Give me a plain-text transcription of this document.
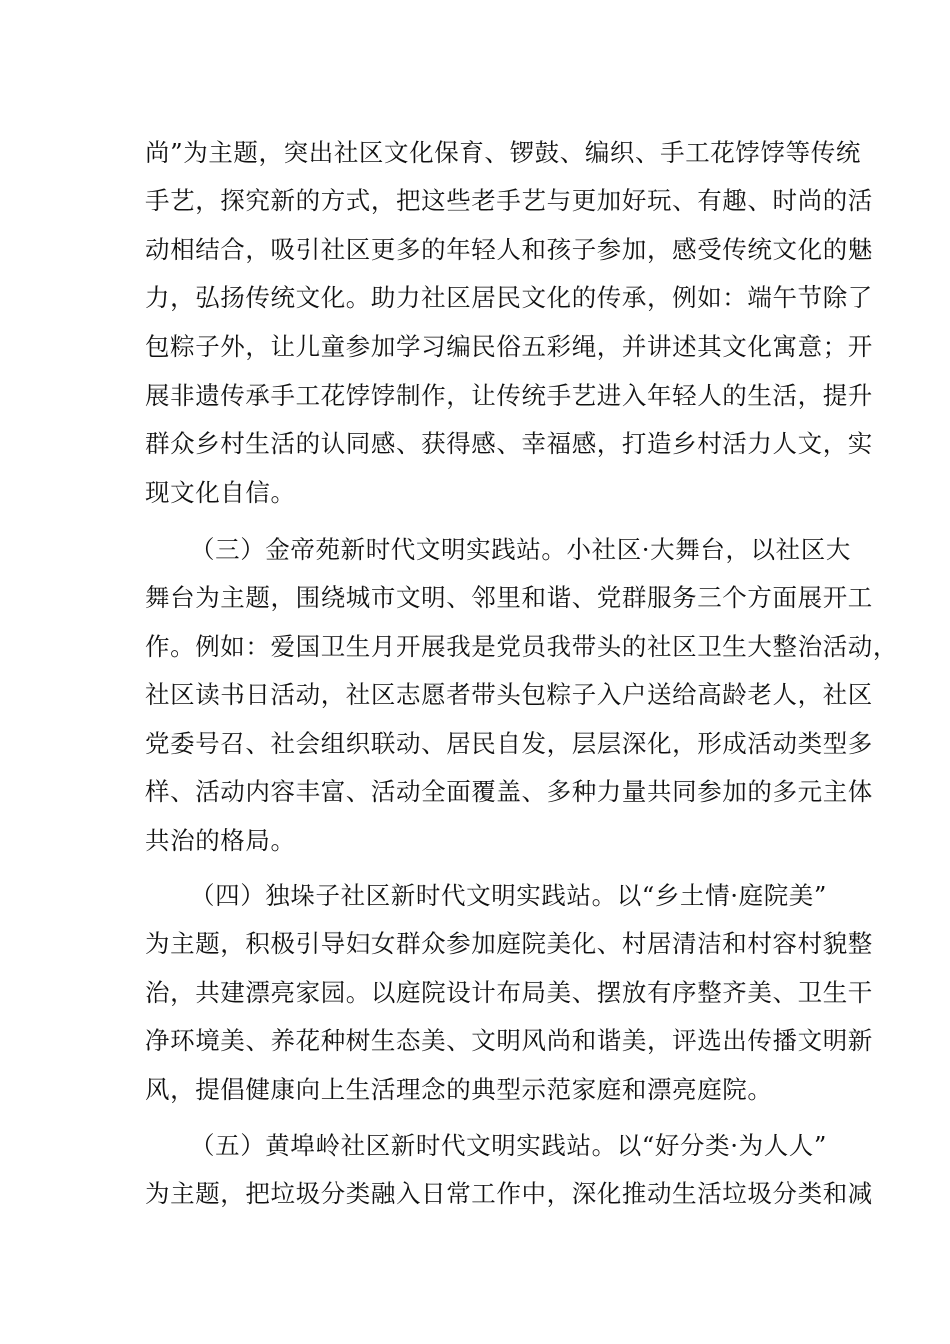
尚”为主题，突出社区文化保育、锣鼓、编织、手工花饽饽等传统
手艺，探究新的方式，把这些老手艺与更加好玩、有趣、时尚的活
动相结合，吸引社区更多的年轻人和孩子参加，感受传统文化的魅
力，弘扬传统文化。助力社区居民文化的传承，例如：端午节除了
包粽子外，让儿童参加学习编民俗五彩绳，并讲述其文化寓意；开
展非遗传承手工花饽饽制作，让传统手艺进入年轻人的生活，提升
群众乡村生活的认同感、获得感、幸福感，打造乡村活力人文，实
现文化自信。
（三）金帝苑新时代文明实践站。小社区·大舞台，以社区大
舞台为主题，围绕城市文明、邻里和谐、党群服务三个方面展开工
作。例如：爱国卫生月开展我是党员我带头的社区卫生大整治活动，
社区读书日活动，社区志愿者带头包粽子入户送给高龄老人，社区
党委号召、社会组织联动、居民自发，层层深化，形成活动类型多
样、活动内容丰富、活动全面覆盖、多种力量共同参加的多元主体
共治的格局。
（四）独垛子社区新时代文明实践站。以“乡土情·庭院美”
为主题，积极引导妇女群众参加庭院美化、村居清洁和村容村貌整
治，共建漂亮家园。以庭院设计布局美、摆放有序整齐美、卫生干
净环境美、养花种树生态美、文明风尚和谐美，评选出传播文明新
风，提倡健康向上生活理念的典型示范家庭和漂亮庭院。
（五）黄埠岭社区新时代文明实践站。以“好分类·为人人”
为主题，把垃圾分类融入日常工作中，深化推动生活垃圾分类和减
